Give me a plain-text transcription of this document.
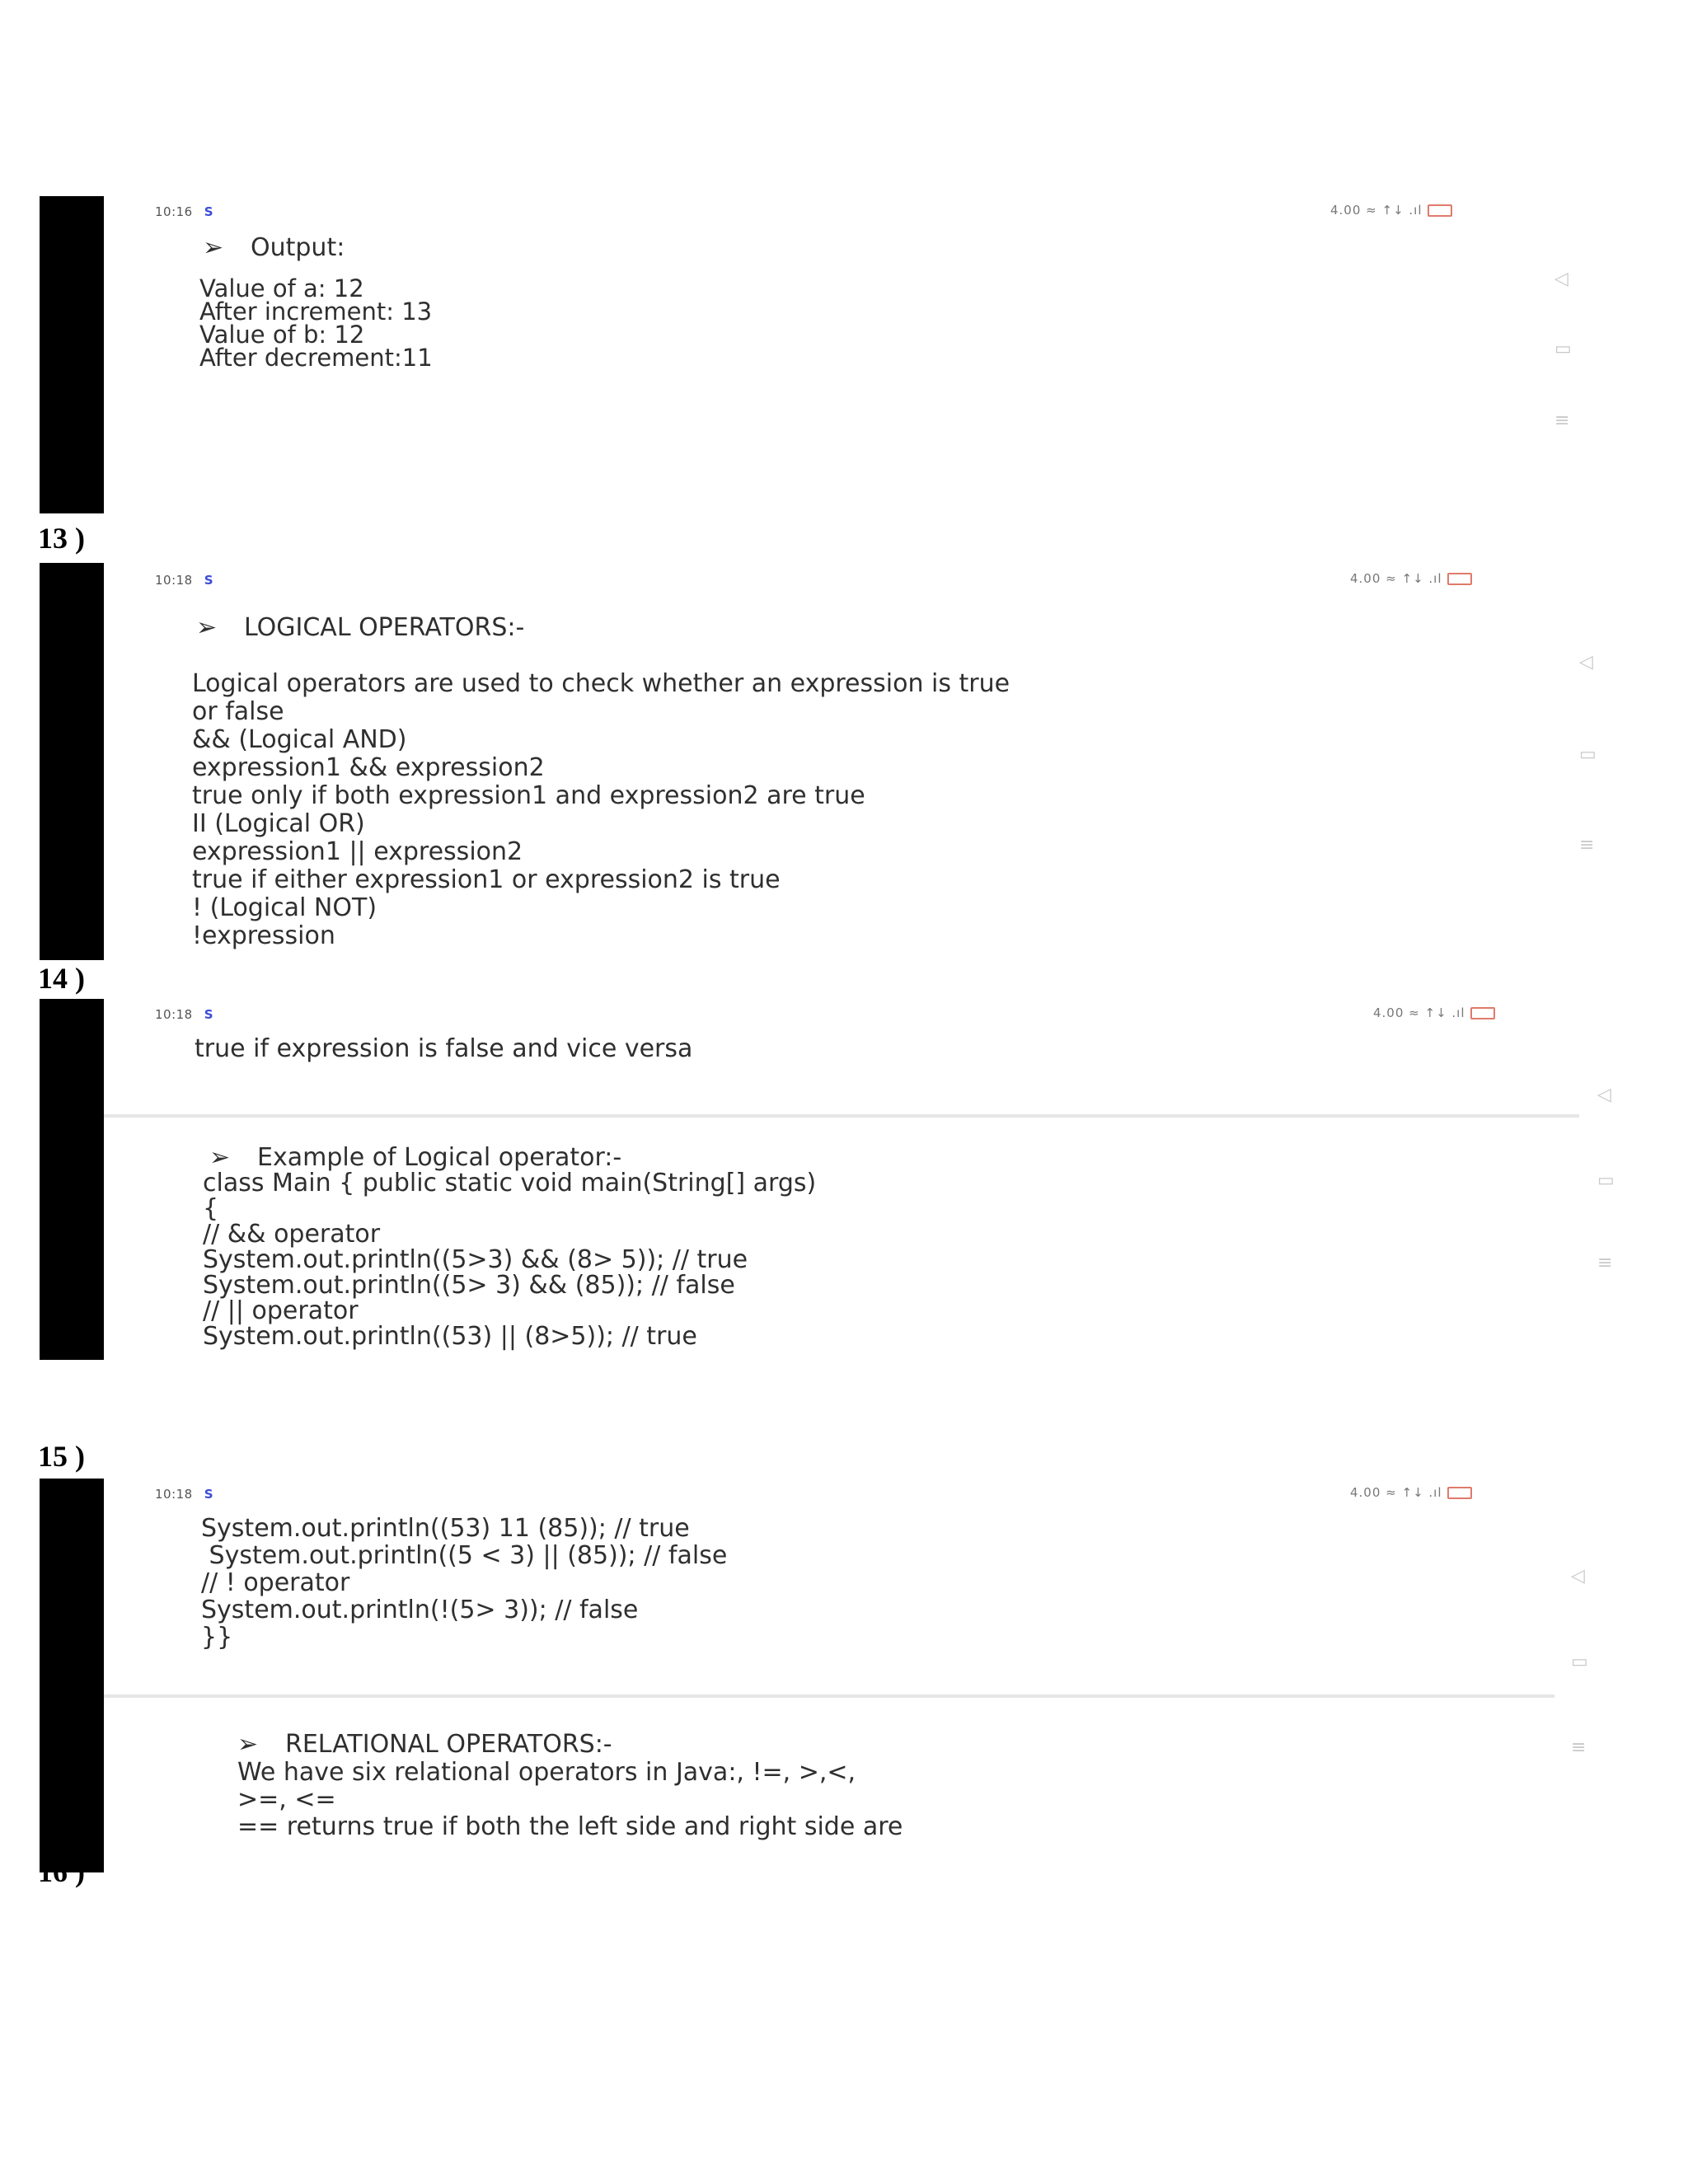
10:16 S	4.00 ≈ ↑↓ .ıl
➢ Output:
Value of a: 12
After increment: 13
Value of b: 12
After decrement:11
◁
▭
≡
13 )
10:18 S	4.00 ≈ ↑↓ .ıl
➢ LOGICAL OPERATORS:-
Logical operators are used to check whether an expression is true
or false
&& (Logical AND)
expression1 && expression2
true only if both expression1 and expression2 are true
II (Logical OR)
expression1 || expression2
true if either expression1 or expression2 is true
! (Logical NOT)
!expression
◁
▭
≡
14 )
10:18 S	4.00 ≈ ↑↓ .ıl
true if expression is false and vice versa
➢ Example of Logical operator:-
class Main { public static void main(String[] args)
{
// && operator
System.out.println((5>3) && (8> 5)); // true
System.out.println((5> 3) && (85)); // false
// || operator
System.out.println((53) || (8>5)); // true
◁
▭
≡
15 )
10:18 S	4.00 ≈ ↑↓ .ıl
System.out.println((53) 11 (85)); // true
System.out.println((5 < 3) || (85)); // false
// ! operator
System.out.println(!(5> 3)); // false
}}
➢ RELATIONAL OPERATORS:-
We have six relational operators in Java:, !=, >,<,
>=, <=
== returns true if both the left side and right side are
◁
▭
≡
16 )
